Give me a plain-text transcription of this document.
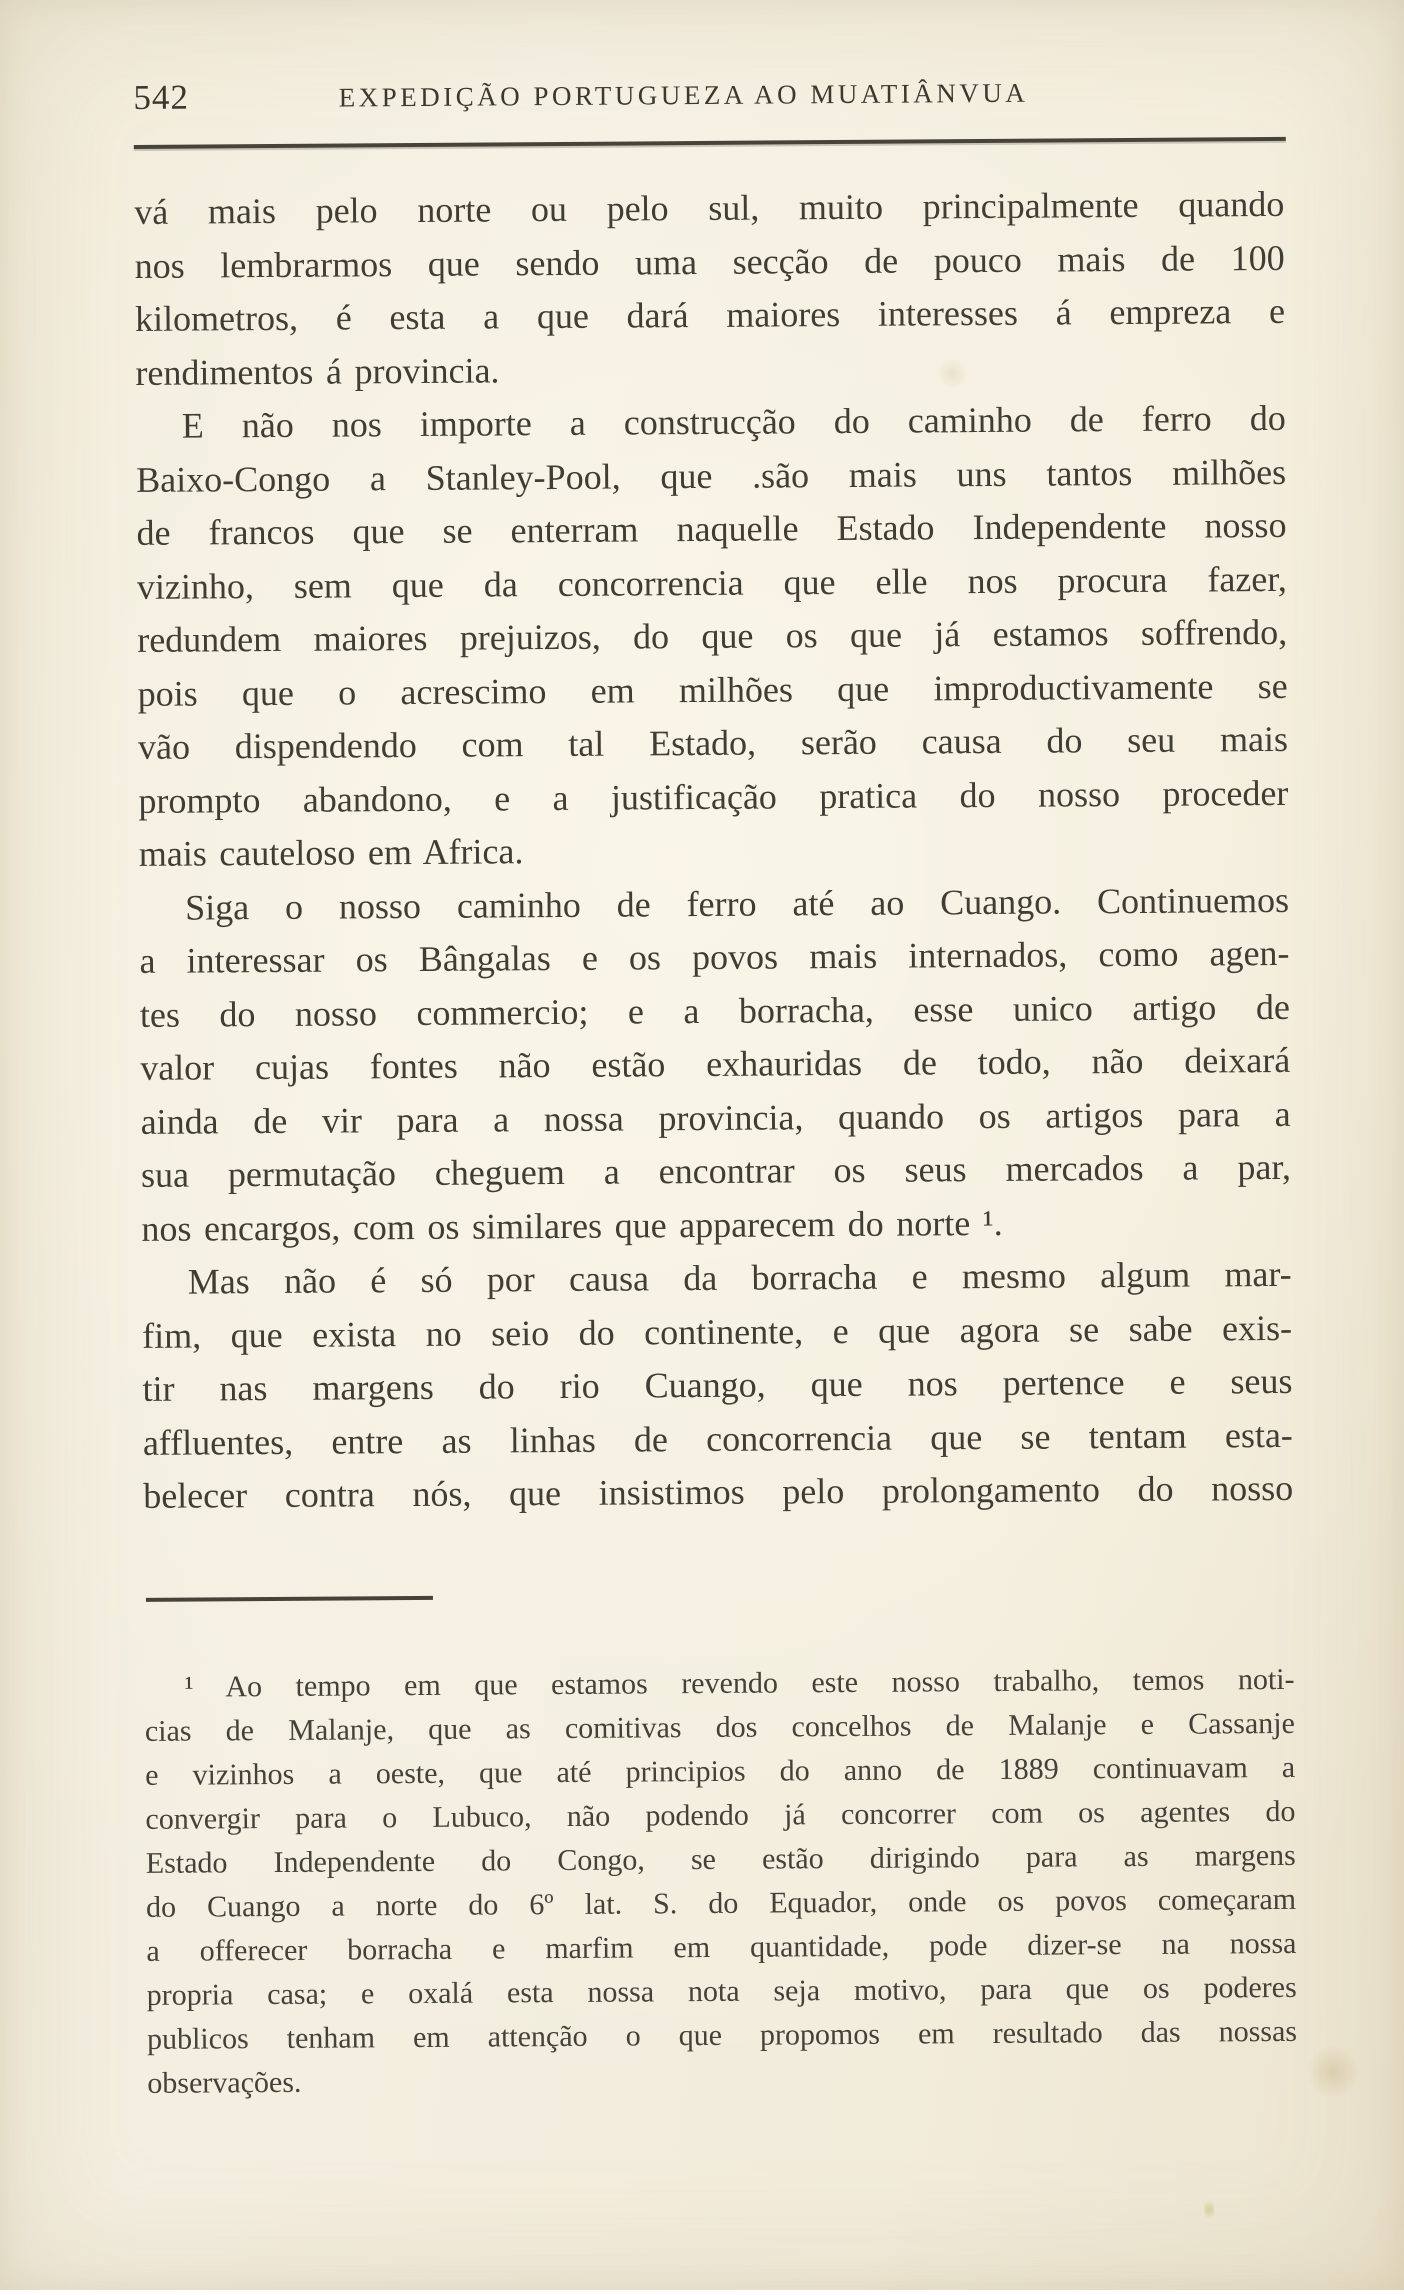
542	EXPEDIÇÃO PORTUGUEZA AO MUATIÂNVUA
vá mais pelo norte ou pelo sul, muito principalmente quando
nos lembrarmos que sendo uma secção de pouco mais de 100
kilometros, é esta a que dará maiores interesses á empreza e
rendimentos á provincia.
E não nos importe a construcção do caminho de ferro do
Baixo-Congo a Stanley-Pool, que .são mais uns tantos milhões
de francos que se enterram naquelle Estado Independente nosso
vizinho, sem que da concorrencia que elle nos procura fazer,
redundem maiores prejuizos, do que os que já estamos soffrendo,
pois que o acrescimo em milhões que improductivamente se
vão dispendendo com tal Estado, serão causa do seu mais
prompto abandono, e a justificação pratica do nosso proceder
mais cauteloso em Africa.
Siga o nosso caminho de ferro até ao Cuango. Continuemos
a interessar os Bângalas e os povos mais internados, como agen-
tes do nosso commercio; e a borracha, esse unico artigo de
valor cujas fontes não estão exhauridas de todo, não deixará
ainda de vir para a nossa provincia, quando os artigos para a
sua permutação cheguem a encontrar os seus mercados a par,
nos encargos, com os similares que apparecem do norte ¹.
Mas não é só por causa da borracha e mesmo algum mar-
fim, que exista no seio do continente, e que agora se sabe exis-
tir nas margens do rio Cuango, que nos pertence e seus
affluentes, entre as linhas de concorrencia que se tentam esta-
belecer contra nós, que insistimos pelo prolongamento do nosso
¹ Ao tempo em que estamos revendo este nosso trabalho, temos noti-
cias de Malanje, que as comitivas dos concelhos de Malanje e Cassanje
e vizinhos a oeste, que até principios do anno de 1889 continuavam a
convergir para o Lubuco, não podendo já concorrer com os agentes do
Estado Independente do Congo, se estão dirigindo para as margens
do Cuango a norte do 6º lat. S. do Equador, onde os povos começaram
a offerecer borracha e marfim em quantidade, pode dizer-se na nossa
propria casa; e oxalá esta nossa nota seja motivo, para que os poderes
publicos tenham em attenção o que propomos em resultado das nossas
observações.
